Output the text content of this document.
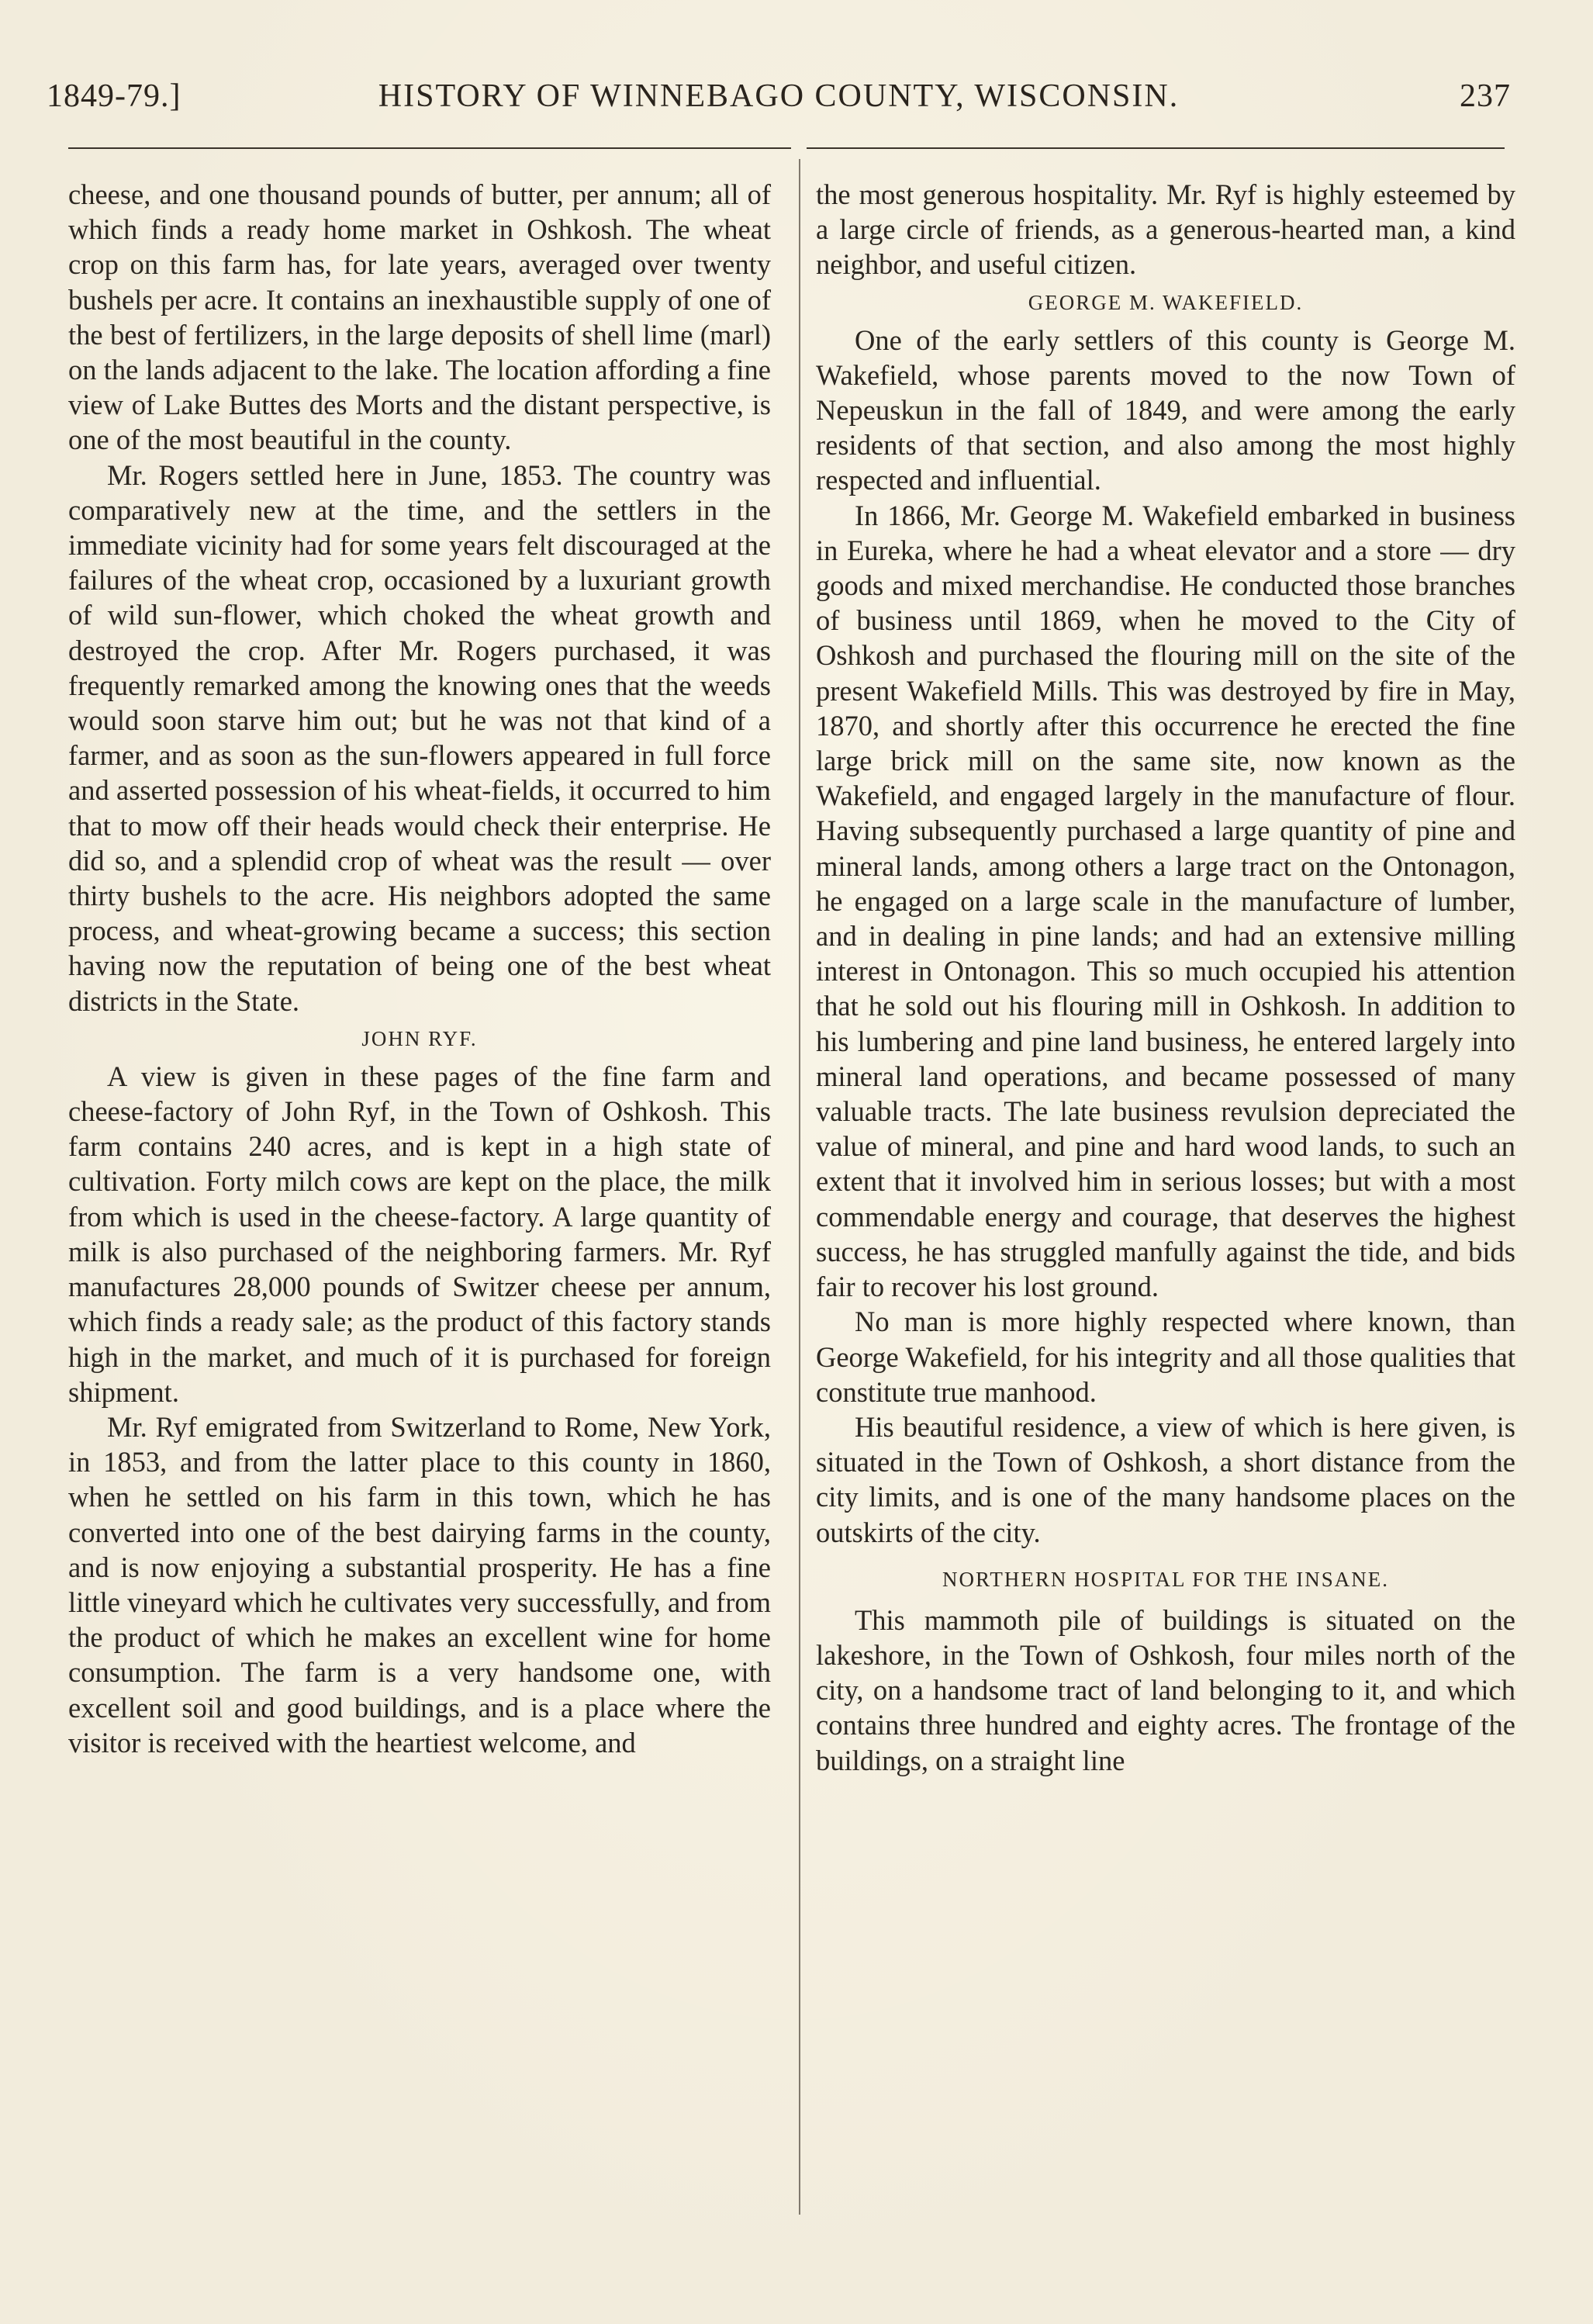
1849-79.]	HISTORY OF WINNEBAGO COUNTY, WISCONSIN.	237

cheese, and one thousand pounds of butter, per annum; all of which finds a ready home market in Oshkosh. The wheat crop on this farm has, for late years, averaged over twenty bushels per acre. It contains an inexhaustible supply of one of the best of fertilizers, in the large deposits of shell lime (marl) on the lands adjacent to the lake. The location affording a fine view of Lake Buttes des Morts and the distant perspective, is one of the most beautiful in the county.

Mr. Rogers settled here in June, 1853. The country was comparatively new at the time, and the settlers in the immediate vicinity had for some years felt discouraged at the failures of the wheat crop, occasioned by a luxuriant growth of wild sun-flower, which choked the wheat growth and destroyed the crop. After Mr. Rogers purchased, it was frequently remarked among the knowing ones that the weeds would soon starve him out; but he was not that kind of a farmer, and as soon as the sun-flowers appeared in full force and asserted possession of his wheat-fields, it occurred to him that to mow off their heads would check their enterprise. He did so, and a splendid crop of wheat was the result — over thirty bushels to the acre. His neighbors adopted the same process, and wheat-growing became a success; this section having now the reputation of being one of the best wheat districts in the State.

JOHN RYF.

A view is given in these pages of the fine farm and cheese-factory of John Ryf, in the Town of Oshkosh. This farm contains 240 acres, and is kept in a high state of cultivation. Forty milch cows are kept on the place, the milk from which is used in the cheese-factory. A large quantity of milk is also purchased of the neighboring farmers. Mr. Ryf manufactures 28,000 pounds of Switzer cheese per annum, which finds a ready sale; as the product of this factory stands high in the market, and much of it is purchased for foreign shipment.

Mr. Ryf emigrated from Switzerland to Rome, New York, in 1853, and from the latter place to this county in 1860, when he settled on his farm in this town, which he has converted into one of the best dairying farms in the county, and is now enjoying a substantial prosperity. He has a fine little vineyard which he cultivates very successfully, and from the product of which he makes an excellent wine for home consumption. The farm is a very handsome one, with excellent soil and good buildings, and is a place where the visitor is received with the heartiest welcome, and

the most generous hospitality. Mr. Ryf is highly esteemed by a large circle of friends, as a generous-hearted man, a kind neighbor, and useful citizen.

GEORGE M. WAKEFIELD.

One of the early settlers of this county is George M. Wakefield, whose parents moved to the now Town of Nepeuskun in the fall of 1849, and were among the early residents of that section, and also among the most highly respected and influential.

In 1866, Mr. George M. Wakefield embarked in business in Eureka, where he had a wheat elevator and a store — dry goods and mixed merchandise. He conducted those branches of business until 1869, when he moved to the City of Oshkosh and purchased the flouring mill on the site of the present Wakefield Mills. This was destroyed by fire in May, 1870, and shortly after this occurrence he erected the fine large brick mill on the same site, now known as the Wakefield, and engaged largely in the manufacture of flour. Having subsequently purchased a large quantity of pine and mineral lands, among others a large tract on the Ontonagon, he engaged on a large scale in the manufacture of lumber, and in dealing in pine lands; and had an extensive milling interest in Ontonagon. This so much occupied his attention that he sold out his flouring mill in Oshkosh. In addition to his lumbering and pine land business, he entered largely into mineral land operations, and became possessed of many valuable tracts. The late business revulsion depreciated the value of mineral, and pine and hard wood lands, to such an extent that it involved him in serious losses; but with a most commendable energy and courage, that deserves the highest success, he has struggled manfully against the tide, and bids fair to recover his lost ground.

No man is more highly respected where known, than George Wakefield, for his integrity and all those qualities that constitute true manhood.

His beautiful residence, a view of which is here given, is situated in the Town of Oshkosh, a short distance from the city limits, and is one of the many handsome places on the outskirts of the city.

NORTHERN HOSPITAL FOR THE INSANE.

This mammoth pile of buildings is situated on the lakeshore, in the Town of Oshkosh, four miles north of the city, on a handsome tract of land belonging to it, and which contains three hundred and eighty acres. The frontage of the buildings, on a straight line
